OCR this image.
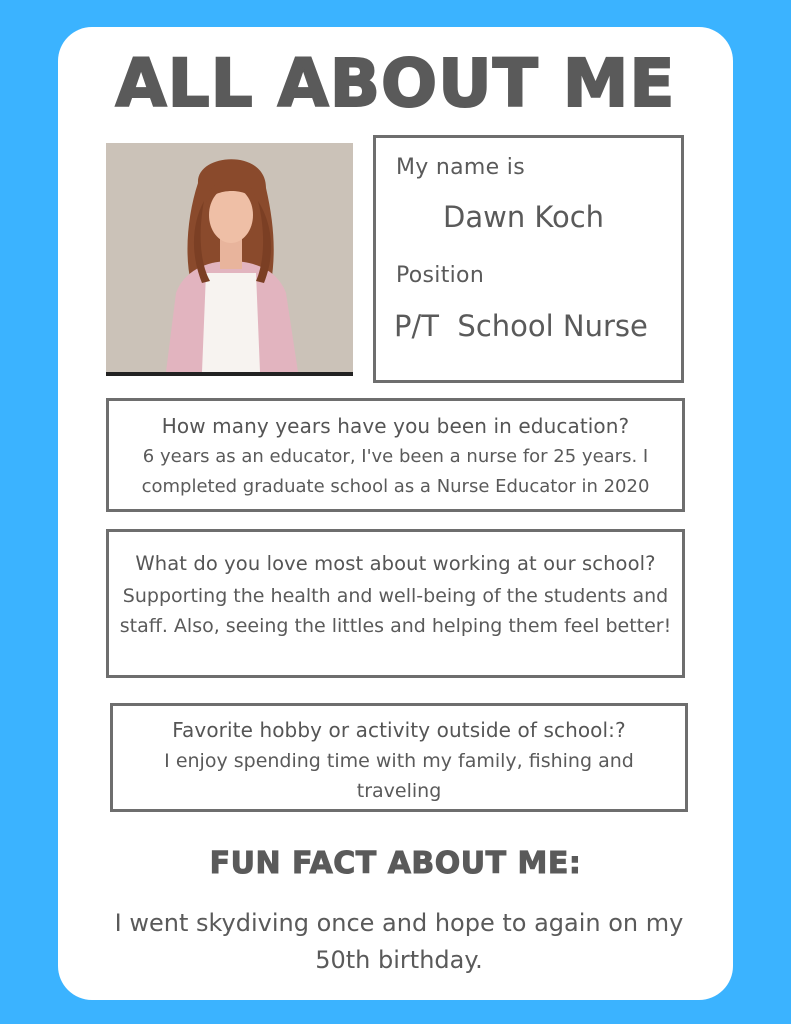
ALL ABOUT ME
My name is
Dawn Koch
Position
P/T  School Nurse
How many years have you been in education?
6 years as an educator, I've been a nurse for 25 years. I completed graduate school as a Nurse Educator in 2020
What do you love most about working at our school?
Supporting the health and well-being of the students and staff. Also, seeing the littles and helping them feel better!
Favorite hobby or activity outside of school:?
I enjoy spending time with my family, fishing and traveling
FUN FACT ABOUT ME:
I went skydiving once and hope to again on my 50th birthday.
